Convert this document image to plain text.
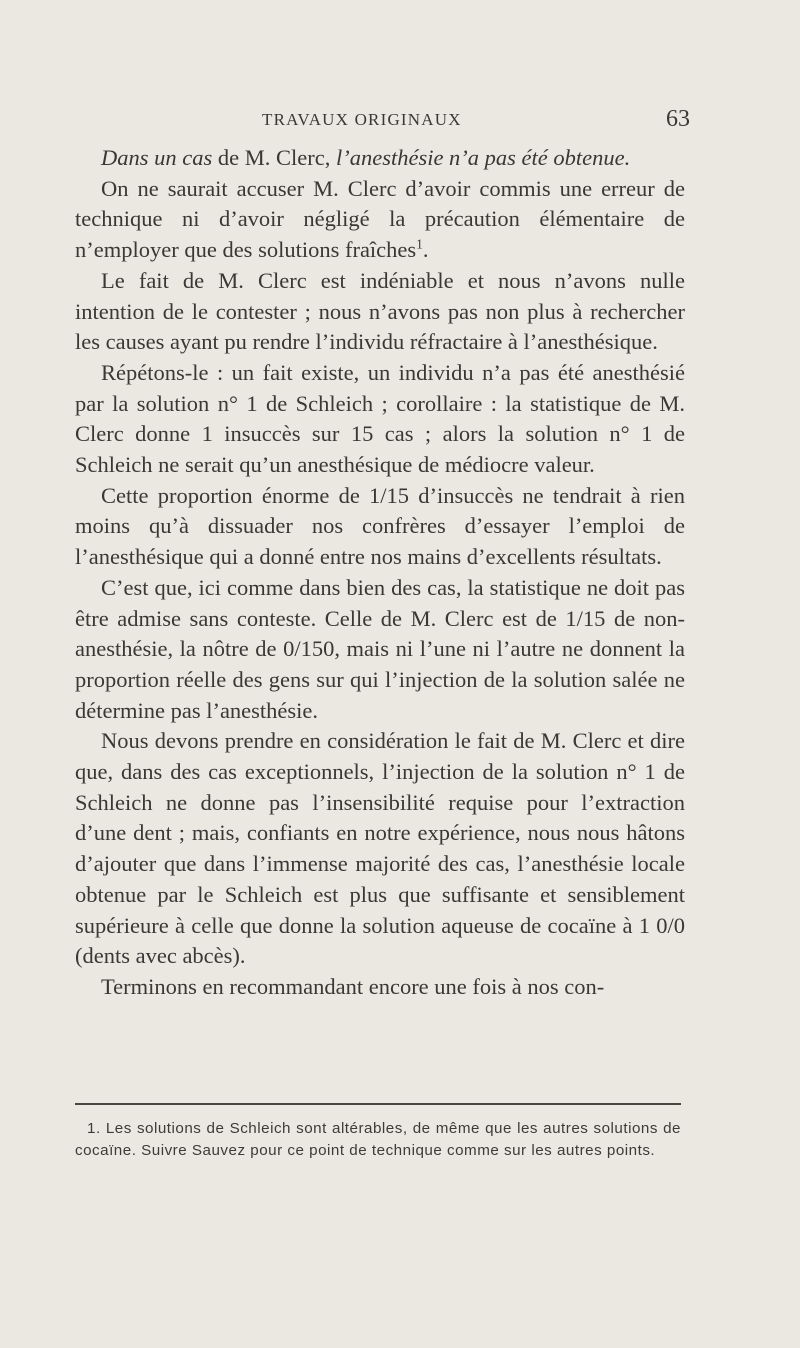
TRAVAUX ORIGINAUX	63

Dans un cas de M. Clerc, l’anesthésie n’a pas été obtenue.

On ne saurait accuser M. Clerc d’avoir commis une erreur de technique ni d’avoir négligé la précaution élémentaire de n’employer que des solutions fraîches$^1$.

Le fait de M. Clerc est indéniable et nous n’avons nulle intention de le contester ; nous n’avons pas non plus à rechercher les causes ayant pu rendre l’individu réfractaire à l’anesthésique.

Répétons-le : un fait existe, un individu n’a pas été anesthésié par la solution n° 1 de Schleich ; corollaire : la statistique de M. Clerc donne 1 insuccès sur 15 cas ; alors la solution n° 1 de Schleich ne serait qu’un anesthésique de médiocre valeur.

Cette proportion énorme de 1/15 d’insuccès ne tendrait à rien moins qu’à dissuader nos confrères d’essayer l’emploi de l’anesthésique qui a donné entre nos mains d’excellents résultats.

C’est que, ici comme dans bien des cas, la statistique ne doit pas être admise sans conteste. Celle de M. Clerc est de 1/15 de non-anesthésie, la nôtre de 0/150, mais ni l’une ni l’autre ne donnent la proportion réelle des gens sur qui l’injection de la solution salée ne détermine pas l’anesthésie.

Nous devons prendre en considération le fait de M. Clerc et dire que, dans des cas exceptionnels, l’injection de la solution n° 1 de Schleich ne donne pas l’insensibilité requise pour l’extraction d’une dent ; mais, confiants en notre expérience, nous nous hâtons d’ajouter que dans l’immense majorité des cas, l’anesthésie locale obtenue par le Schleich est plus que suffisante et sensiblement supérieure à celle que donne la solution aqueuse de cocaïne à 1 0/0 (dents avec abcès).

Terminons en recommandant encore une fois à nos con-

1. Les solutions de Schleich sont altérables, de même que les autres solutions de cocaïne. Suivre Sauvez pour ce point de technique comme sur les autres points.
